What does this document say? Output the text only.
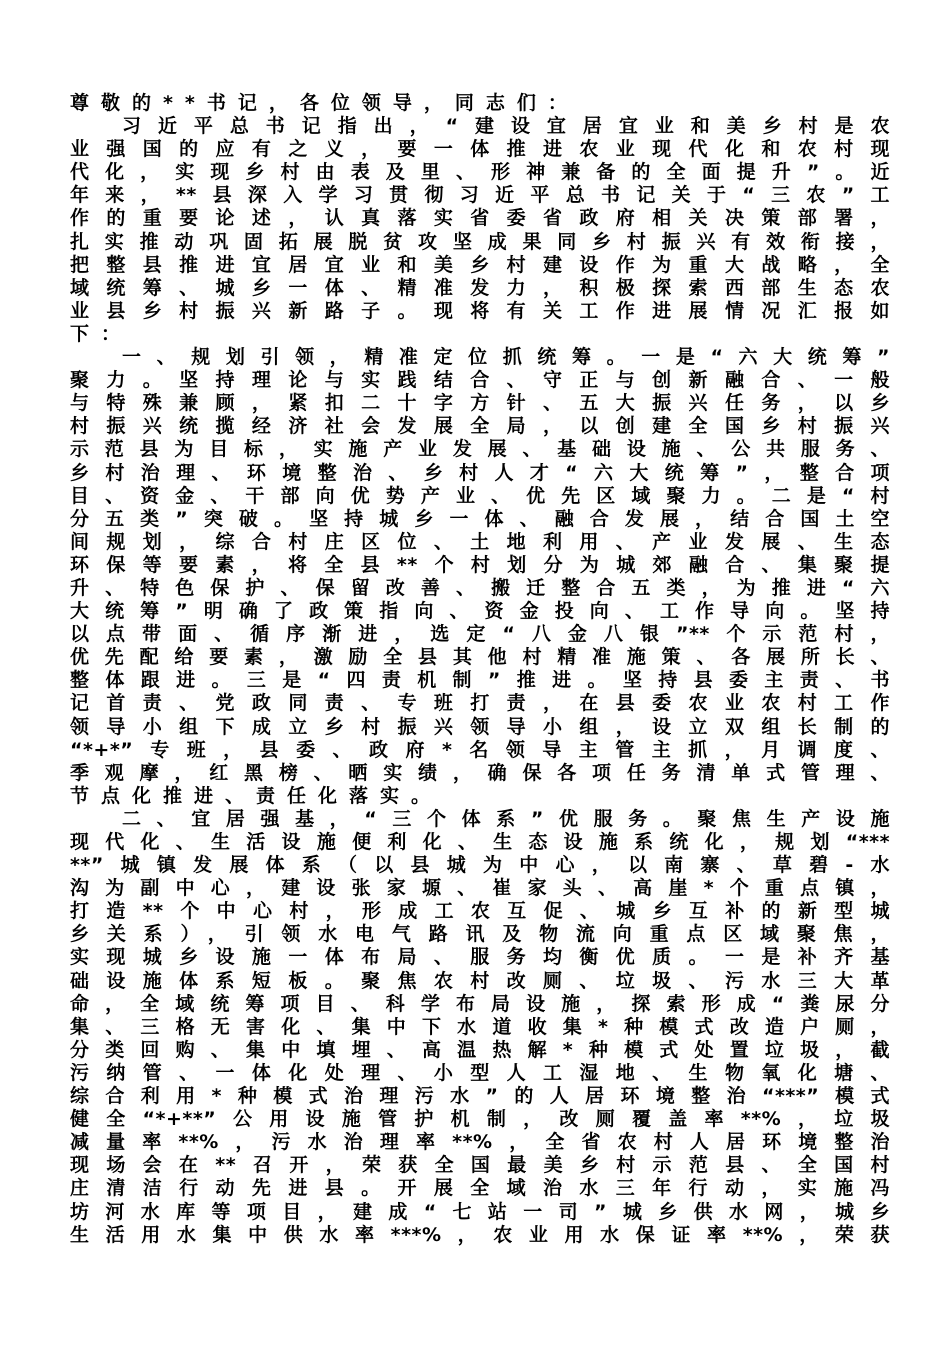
尊敬的**书记，各位领导，同志们：
习近平总书记指出，“建设宜居宜业和美乡村是农
业强国的应有之义，要一体推进农业现代化和农村现
代化，实现乡村由表及里、形神兼备的全面提升”。近
年来，**县深入学习贯彻习近平总书记关于“三农”工
作的重要论述，认真落实省委省政府相关决策部署，
扎实推动巩固拓展脱贫攻坚成果同乡村振兴有效衔接，
把整县推进宜居宜业和美乡村建设作为重大战略，全
域统筹、城乡一体、精准发力，积极探索西部生态农
业县乡村振兴新路子。现将有关工作进展情况汇报如
下：
一、规划引领，精准定位抓统筹。一是“六大统筹”
聚力。坚持理论与实践结合、守正与创新融合、一般
与特殊兼顾，紧扣二十字方针、五大振兴任务，以乡
村振兴统揽经济社会发展全局，以创建全国乡村振兴
示范县为目标，实施产业发展、基础设施、公共服务、
乡村治理、环境整治、乡村人才“六大统筹”，整合项
目、资金、干部向优势产业、优先区域聚力。二是“村
分五类”突破。坚持城乡一体、融合发展，结合国土空
间规划，综合村庄区位、土地利用、产业发展、生态
环保等要素，将全县**个村划分为城郊融合、集聚提
升、特色保护、保留改善、搬迁整合五类，为推进“六
大统筹”明确了政策指向、资金投向、工作导向。坚持
以点带面、循序渐进，选定“八金八银”**个示范村，
优先配给要素，激励全县其他村精准施策、各展所长、
整体跟进。三是“四责机制”推进。坚持县委主责、书
记首责、党政同责、专班打责，在县委农业农村工作
领导小组下成立乡村振兴领导小组，设立双组长制的
“*+*”专班，县委、政府*名领导主管主抓，月调度、
季观摩，红黑榜、晒实绩，确保各项任务清单式管理、
节点化推进、责任化落实。
二、宜居强基，“三个体系”优服务。聚焦生产设施
现代化、生活设施便利化、生态设施系统化，规划“***
**”城镇发展体系（以县城为中心，以南寨、草碧-水
沟为副中心，建设张家塬、崔家头、高崖*个重点镇，
打造**个中心村，形成工农互促、城乡互补的新型城
乡关系），引领水电气路讯及物流向重点区域聚焦，
实现城乡设施一体布局、服务均衡优质。一是补齐基
础设施体系短板。聚焦农村改厕、垃圾、污水三大革
命，全域统筹项目、科学布局设施，探索形成“粪尿分
集、三格无害化、集中下水道收集*种模式改造户厕，
分类回购、集中填埋、高温热解*种模式处置垃圾，截
污纳管、一体化处理、小型人工湿地、生物氧化塘、
综合利用*种模式治理污水”的人居环境整治“***”模式
健全“*+**”公用设施管护机制，改厕覆盖率**%，垃圾
减量率**%，污水治理率**%，全省农村人居环境整治
现场会在**召开，荣获全国最美乡村示范县、全国村
庄清洁行动先进县。开展全域治水三年行动，实施冯
坊河水库等项目，建成“七站一司”城乡供水网，城乡
生活用水集中供水率***%，农业用水保证率**%，荣获
